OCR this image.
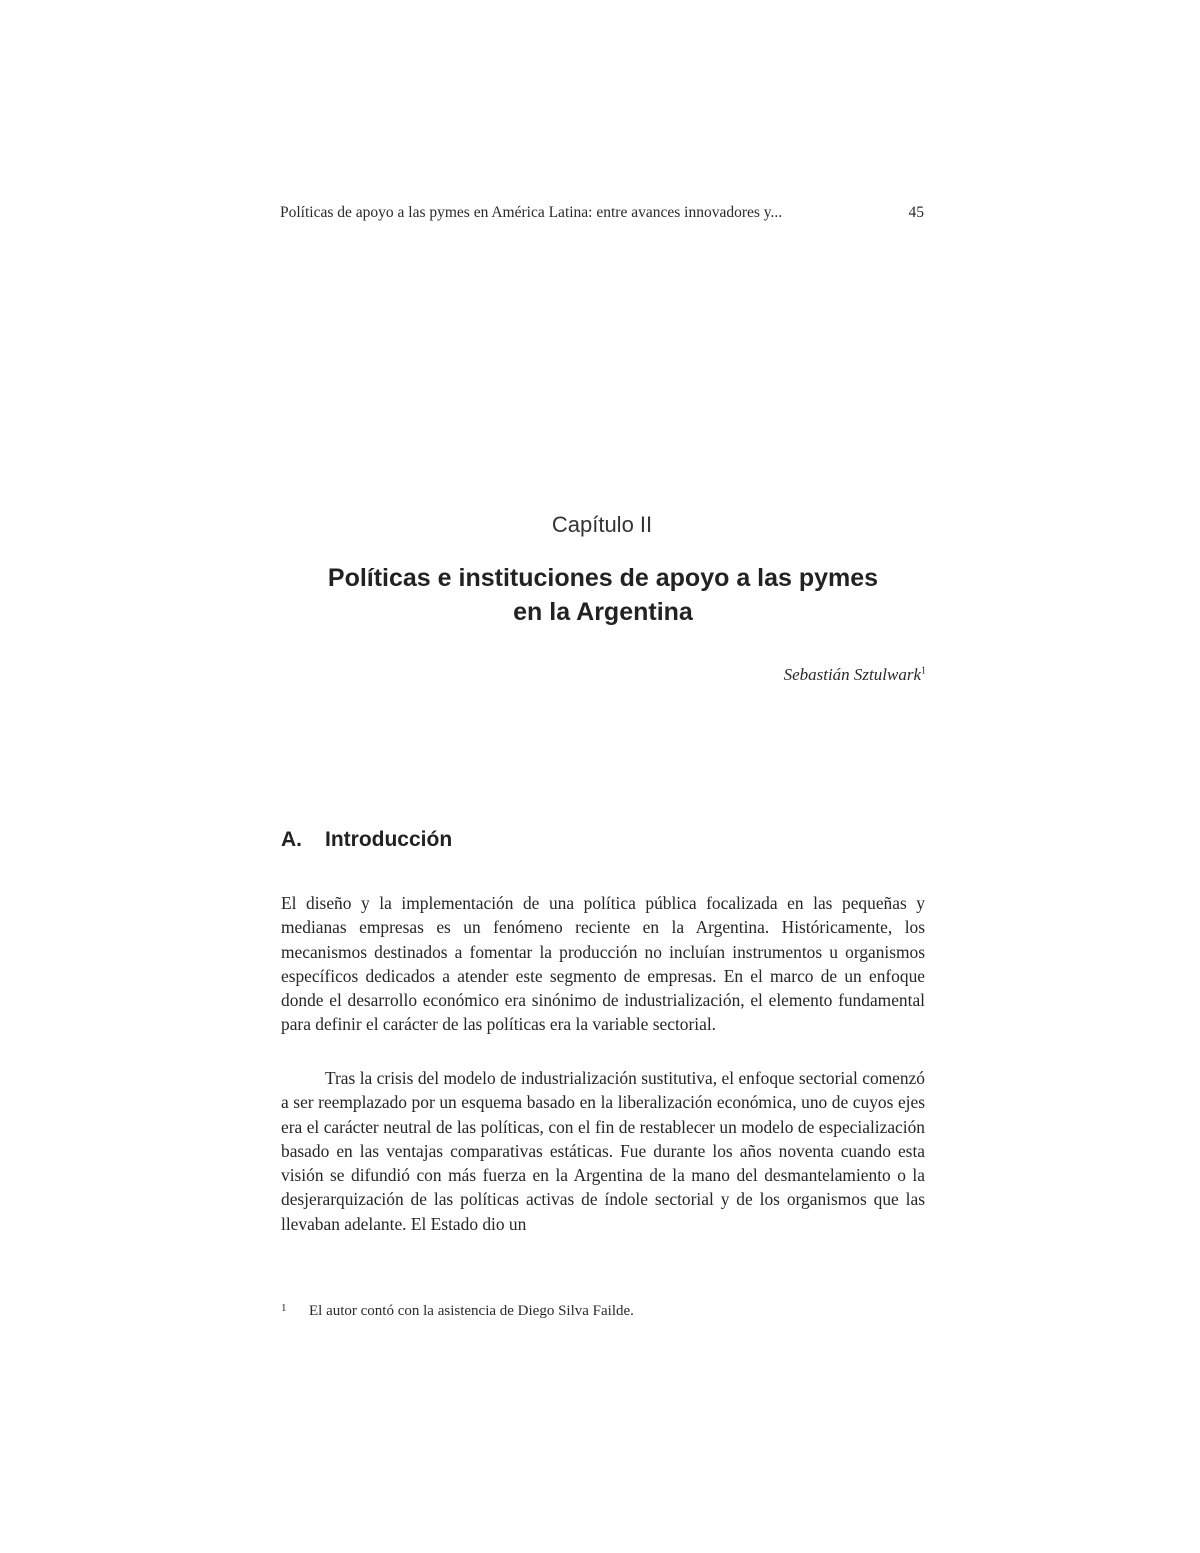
Políticas de apoyo a las pymes en América Latina: entre avances innovadores y...	45
Capítulo II
Políticas e instituciones de apoyo a las pymes
en la Argentina
Sebastián Sztulwark$^1$
A. Introducción

El diseño y la implementación de una política pública focalizada en las pequeñas y medianas empresas es un fenómeno reciente en la Argentina. Históricamente, los mecanismos destinados a fomentar la producción no incluían instrumentos u organismos específicos dedicados a atender este segmento de empresas. En el marco de un enfoque donde el desarrollo económico era sinónimo de industrialización, el elemento fundamental para definir el carácter de las políticas era la variable sectorial.

Tras la crisis del modelo de industrialización sustitutiva, el enfoque sectorial comenzó a ser reemplazado por un esquema basado en la liberalización económica, uno de cuyos ejes era el carácter neutral de las políticas, con el fin de restablecer un modelo de especialización basado en las ventajas comparativas estáticas. Fue durante los años noventa cuando esta visión se difundió con más fuerza en la Argentina de la mano del desmantelamiento o la desjerarquización de las políticas activas de índole sectorial y de los organismos que las llevaban adelante. El Estado dio un

1 El autor contó con la asistencia de Diego Silva Failde.
